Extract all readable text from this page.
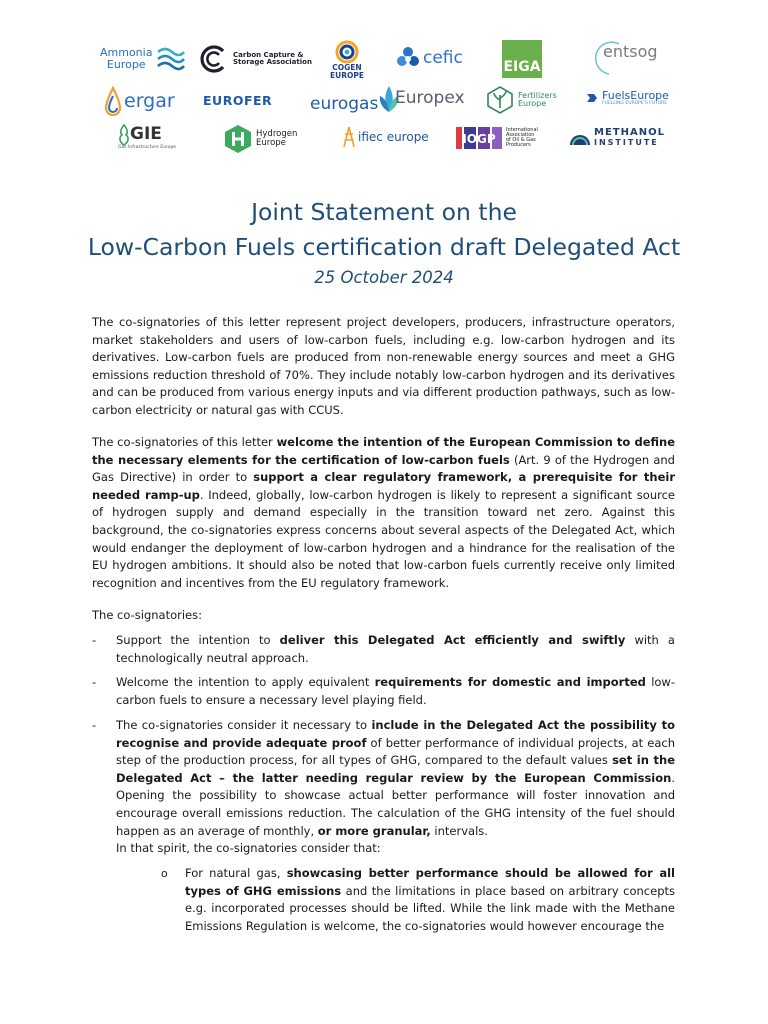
Ammonia
Europe
Carbon Capture &
Storage Association
COGEN
EUROPE
cefic	EIGA
entsog
ergar EUROFER eurogas Europex	Fertilizers
Europe
FuelsEurope
FUELLING EUROPE'S FUTURE
GIE
Gas Infrastructure Europe
Hydrogen
Europe	ifiec europe	IOGP
International
Association
of Oil & Gas
Producers
METHANOL
INSTITUTE
Joint Statement on the
Low-Carbon Fuels certification draft Delegated Act
25 October 2024

The co-signatories of this letter represent project developers, producers, infrastructure operators, market stakeholders and users of low-carbon fuels, including e.g. low-carbon hydrogen and its derivatives. Low-carbon fuels are produced from non-renewable energy sources and meet a GHG emissions reduction threshold of 70%. They include notably low-carbon hydrogen and its derivatives and can be produced from various energy inputs and via different production pathways, such as low-carbon electricity or natural gas with CCUS.

The co-signatories of this letter welcome the intention of the European Commission to define the necessary elements for the certification of low-carbon fuels (Art. 9 of the Hydrogen and Gas Directive) in order to support a clear regulatory framework, a prerequisite for their needed ramp-up. Indeed, globally, low-carbon hydrogen is likely to represent a significant source of hydrogen supply and demand especially in the transition toward net zero. Against this background, the co-signatories express concerns about several aspects of the Delegated Act, which would endanger the deployment of low-carbon hydrogen and a hindrance for the realisation of the EU hydrogen ambitions. It should also be noted that low-carbon fuels currently receive only limited recognition and incentives from the EU regulatory framework.

The co-signatories:

- Support the intention to deliver this Delegated Act efficiently and swiftly with a technologically neutral approach.

- Welcome the intention to apply equivalent requirements for domestic and imported low-carbon fuels to ensure a necessary level playing field.

- The co-signatories consider it necessary to include in the Delegated Act the possibility to recognise and provide adequate proof of better performance of individual projects, at each step of the production process, for all types of GHG, compared to the default values set in the Delegated Act – the latter needing regular review by the European Commission. Opening the possibility to showcase actual better performance will foster innovation and encourage overall emissions reduction. The calculation of the GHG intensity of the fuel should happen as an average of monthly, or more granular, intervals.

In that spirit, the co-signatories consider that:

o For natural gas, showcasing better performance should be allowed for all types of GHG emissions and the limitations in place based on arbitrary concepts e.g. incorporated processes should be lifted. While the link made with the Methane Emissions Regulation is welcome, the co-signatories would however encourage the
